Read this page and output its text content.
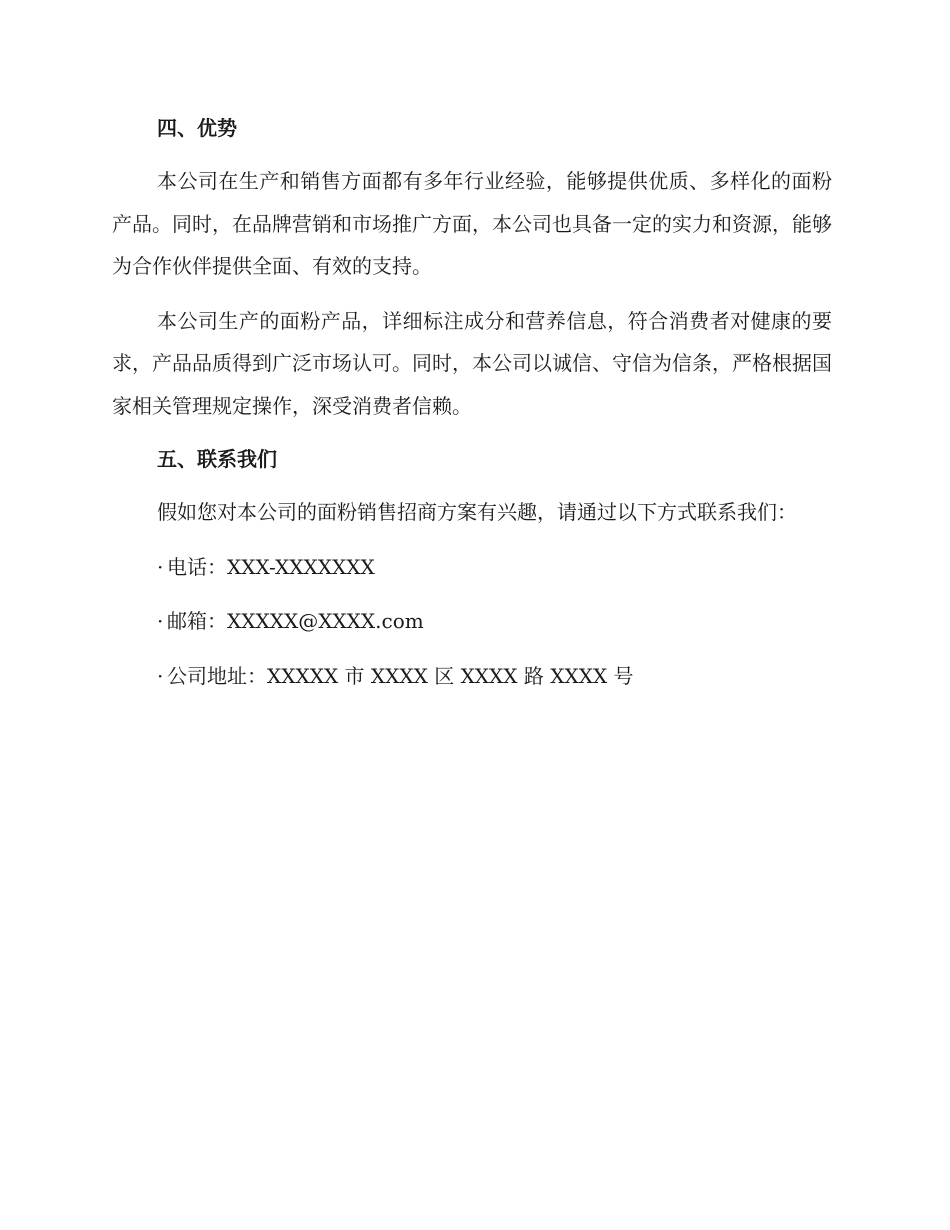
四、优势

本公司在生产和销售方面都有多年行业经验，能够提供优质、多样化的面粉产品。同时，在品牌营销和市场推广方面，本公司也具备一定的实力和资源，能够为合作伙伴提供全面、有效的支持。

本公司生产的面粉产品，详细标注成分和营养信息，符合消费者对健康的要求，产品品质得到广泛市场认可。同时，本公司以诚信、守信为信条，严格根据国家相关管理规定操作，深受消费者信赖。

五、联系我们

假如您对本公司的面粉销售招商方案有兴趣，请通过以下方式联系我们：

· 电话：XXX-XXXXXXX

· 邮箱：XXXXX@XXXX.com

· 公司地址：XXXXX 市 XXXX 区 XXXX 路 XXXX 号
